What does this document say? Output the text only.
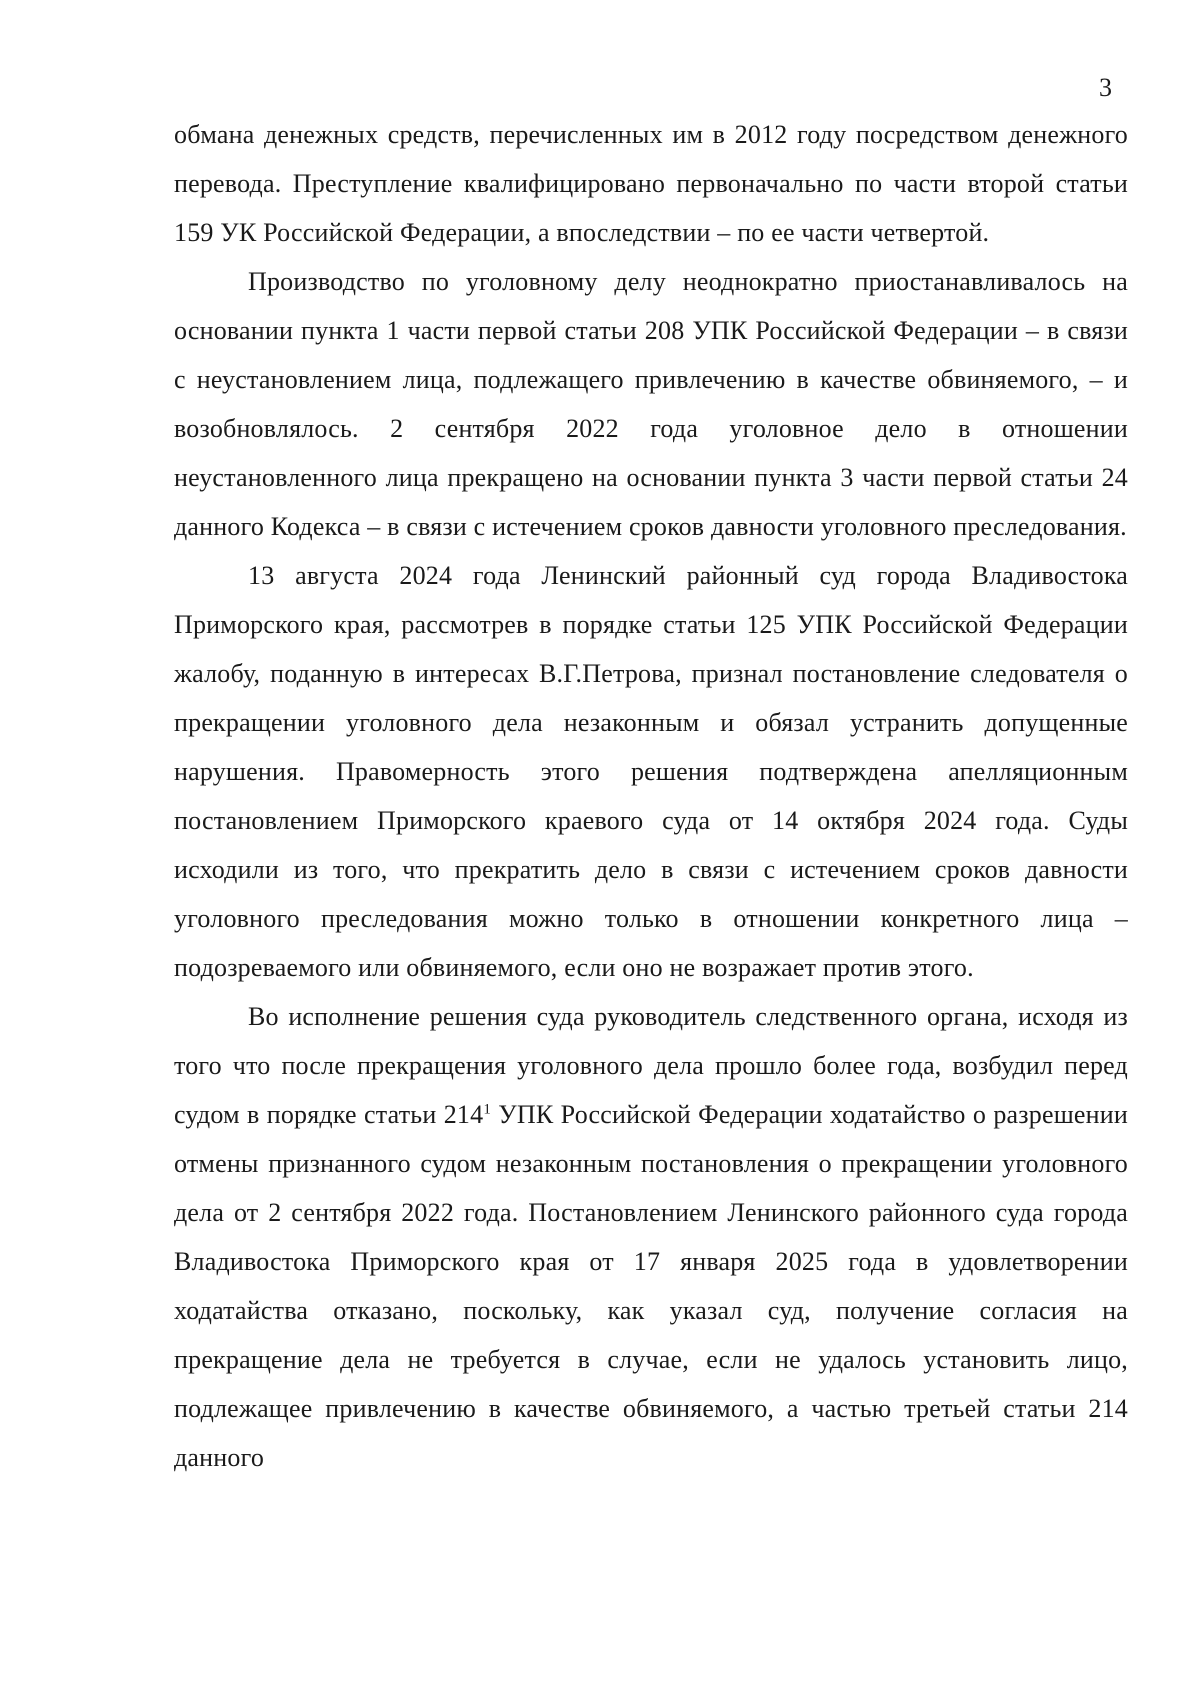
3

обмана денежных средств, перечисленных им в 2012 году посредством денежного перевода. Преступление квалифицировано первоначально по части второй статьи 159 УК Российской Федерации, а впоследствии – по ее части четвертой.

Производство по уголовному делу неоднократно приостанавливалось на основании пункта 1 части первой статьи 208 УПК Российской Федерации – в связи с неустановлением лица, подлежащего привлечению в качестве обвиняемого, – и возобновлялось. 2 сентября 2022 года уголовное дело в отношении неустановленного лица прекращено на основании пункта 3 части первой статьи 24 данного Кодекса – в связи с истечением сроков давности уголовного преследования.

13 августа 2024 года Ленинский районный суд города Владивостока Приморского края, рассмотрев в порядке статьи 125 УПК Российской Федерации жалобу, поданную в интересах В.Г.Петрова, признал постановление следователя о прекращении уголовного дела незаконным и обязал устранить допущенные нарушения. Правомерность этого решения подтверждена апелляционным постановлением Приморского краевого суда от 14 октября 2024 года. Суды исходили из того, что прекратить дело в связи с истечением сроков давности уголовного преследования можно только в отношении конкретного лица – подозреваемого или обвиняемого, если оно не возражает против этого.

Во исполнение решения суда руководитель следственного органа, исходя из того что после прекращения уголовного дела прошло более года, возбудил перед судом в порядке статьи $214^1$ УПК Российской Федерации ходатайство о разрешении отмены признанного судом незаконным постановления о прекращении уголовного дела от 2 сентября 2022 года. Постановлением Ленинского районного суда города Владивостока Приморского края от 17 января 2025 года в удовлетворении ходатайства отказано, поскольку, как указал суд, получение согласия на прекращение дела не требуется в случае, если не удалось установить лицо, подлежащее привлечению в качестве обвиняемого, а частью третьей статьи 214 данного
